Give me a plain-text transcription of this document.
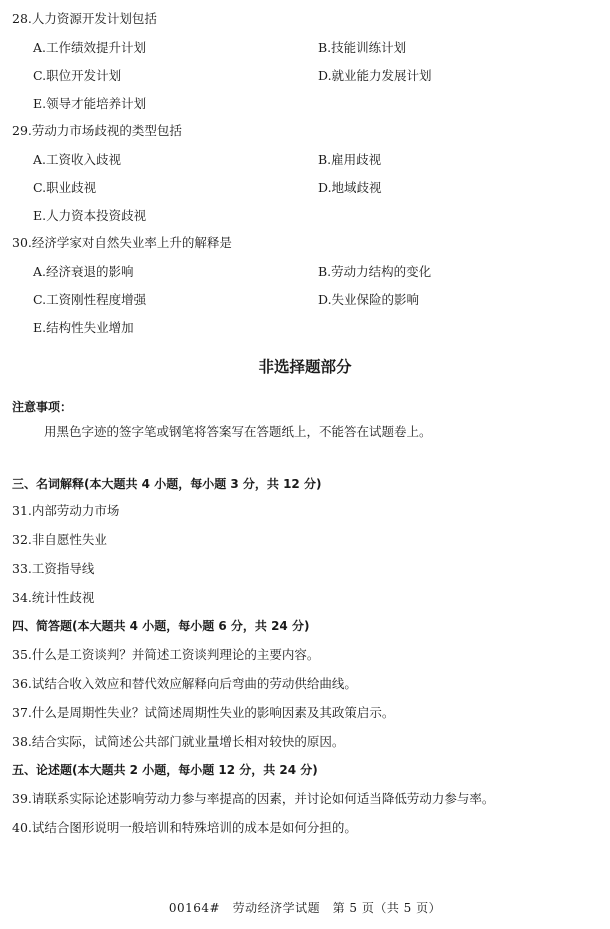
28.人力资源开发计划包括
A.工作绩效提升计划	B.技能训练计划
C.职位开发计划	D.就业能力发展计划
E.领导才能培养计划
29.劳动力市场歧视的类型包括
A.工资收入歧视	B.雇用歧视
C.职业歧视	D.地域歧视
E.人力资本投资歧视
30.经济学家对自然失业率上升的解释是
A.经济衰退的影响	B.劳动力结构的变化
C.工资刚性程度增强	D.失业保险的影响
E.结构性失业增加
非选择题部分
注意事项：
用黑色字迹的签字笔或钢笔将答案写在答题纸上，不能答在试题卷上。
三、名词解释(本大题共 4 小题，每小题 3 分，共 12 分)
31.内部劳动力市场
32.非自愿性失业
33.工资指导线
34.统计性歧视
四、简答题(本大题共 4 小题，每小题 6 分，共 24 分)
35.什么是工资谈判？并简述工资谈判理论的主要内容。
36.试结合收入效应和替代效应解释向后弯曲的劳动供给曲线。
37.什么是周期性失业？试简述周期性失业的影响因素及其政策启示。
38.结合实际，试简述公共部门就业量增长相对较快的原因。
五、论述题(本大题共 2 小题，每小题 12 分，共 24 分)
39.请联系实际论述影响劳动力参与率提高的因素，并讨论如何适当降低劳动力参与率。
40.试结合图形说明一般培训和特殊培训的成本是如何分担的。
00164#　劳动经济学试题　第 5 页（共 5 页）
